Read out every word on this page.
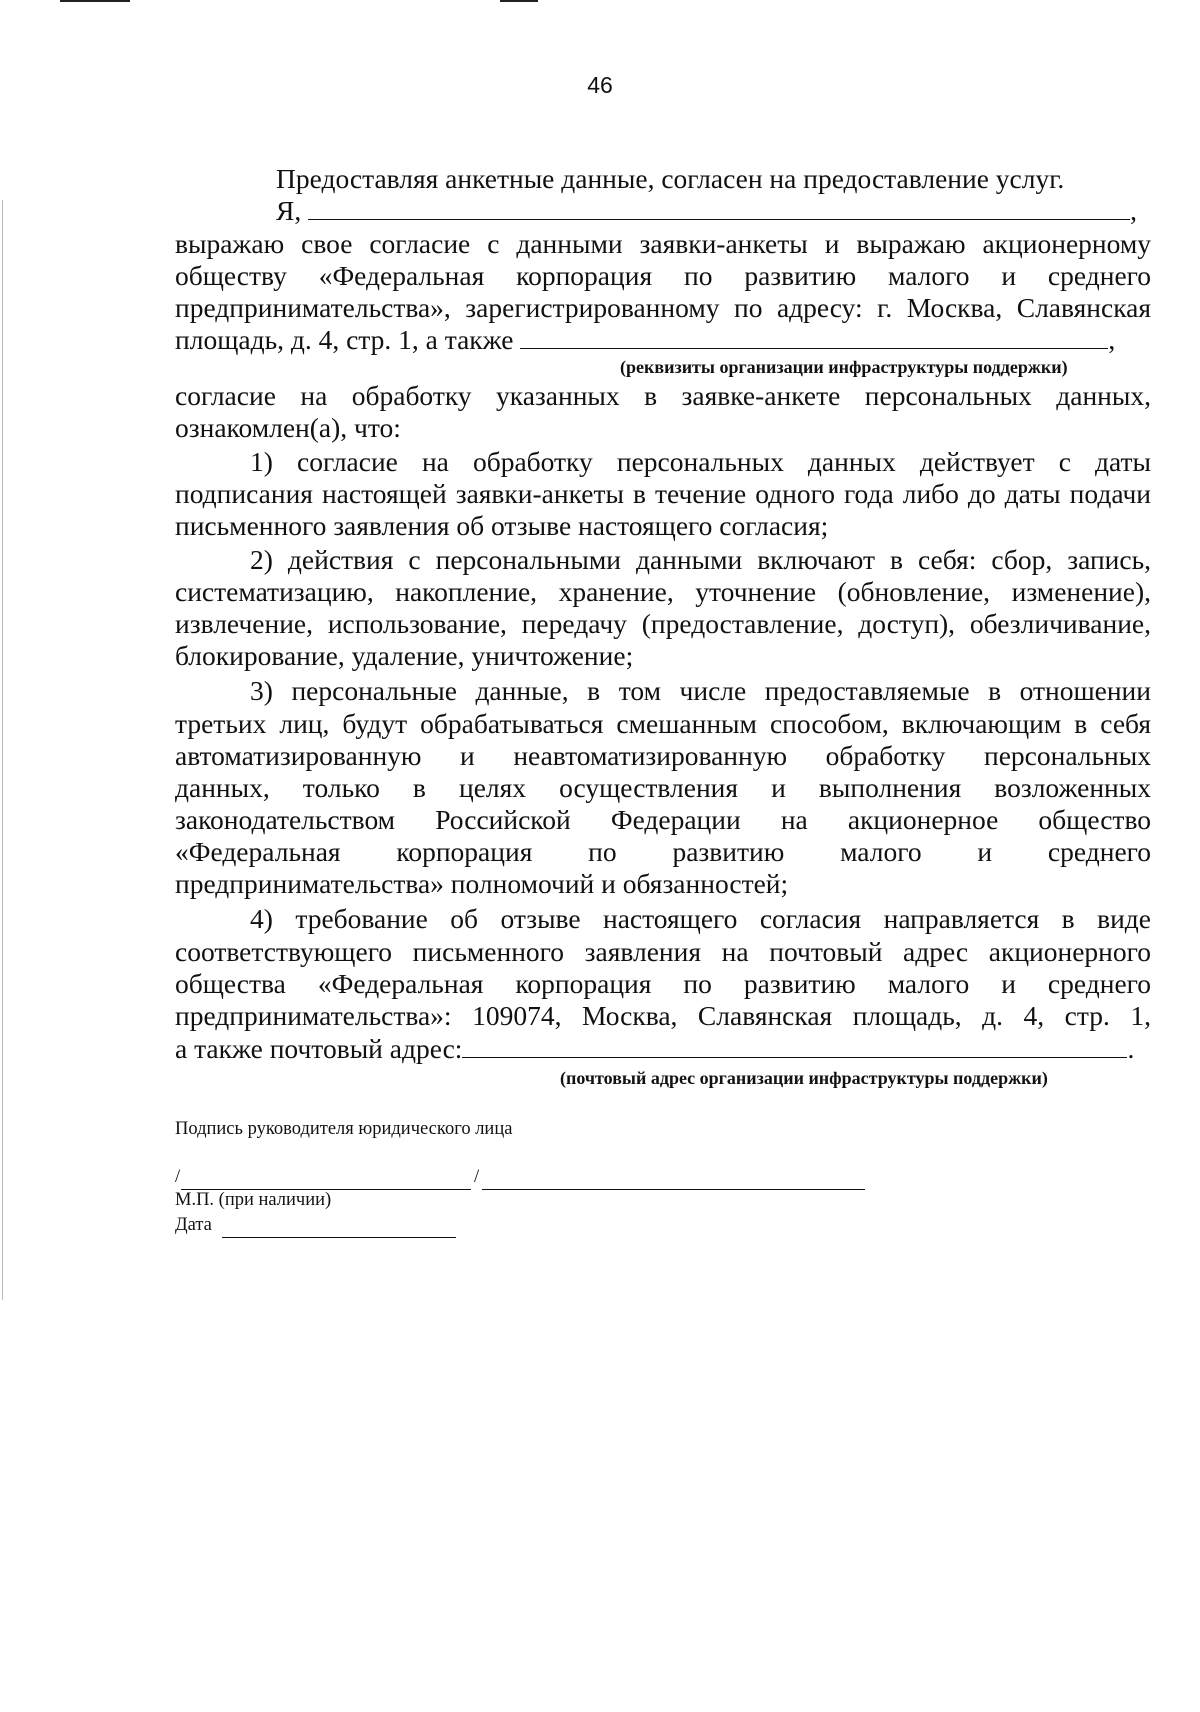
46
Предоставляя анкетные данные, согласен на предоставление услуг.
Я,	,
выражаю свое согласие с данными заявки-анкеты и выражаю акционерному
обществу «Федеральная корпорация по развитию малого и среднего
предпринимательства», зарегистрированному по адресу: г. Москва, Славянская
площадь, д. 4, стр. 1, а также	,
(реквизиты организации инфраструктуры поддержки)
согласие на обработку указанных в заявке-анкете персональных данных,
ознакомлен(а), что:
1) согласие на обработку персональных данных действует с даты
подписания настоящей заявки-анкеты в течение одного года либо до даты подачи
письменного заявления об отзыве настоящего согласия;
2) действия с персональными данными включают в себя: сбор, запись,
систематизацию, накопление, хранение, уточнение (обновление, изменение),
извлечение, использование, передачу (предоставление, доступ), обезличивание,
блокирование, удаление, уничтожение;
3) персональные данные, в том числе предоставляемые в отношении
третьих лиц, будут обрабатываться смешанным способом, включающим в себя
автоматизированную и неавтоматизированную обработку персональных
данных, только в целях осуществления и выполнения возложенных
законодательством Российской Федерации на акционерное общество
«Федеральная корпорация по развитию малого и среднего
предпринимательства» полномочий и обязанностей;
4) требование об отзыве настоящего согласия направляется в виде
соответствующего письменного заявления на почтовый адрес акционерного
общества «Федеральная корпорация по развитию малого и среднего
предпринимательства»: 109074, Москва, Славянская площадь, д. 4, стр. 1,
а также почтовый адрес:	.
(почтовый адрес организации инфраструктуры поддержки)
Подпись руководителя юридического лица
/	/
М.П. (при наличии)
Дата
